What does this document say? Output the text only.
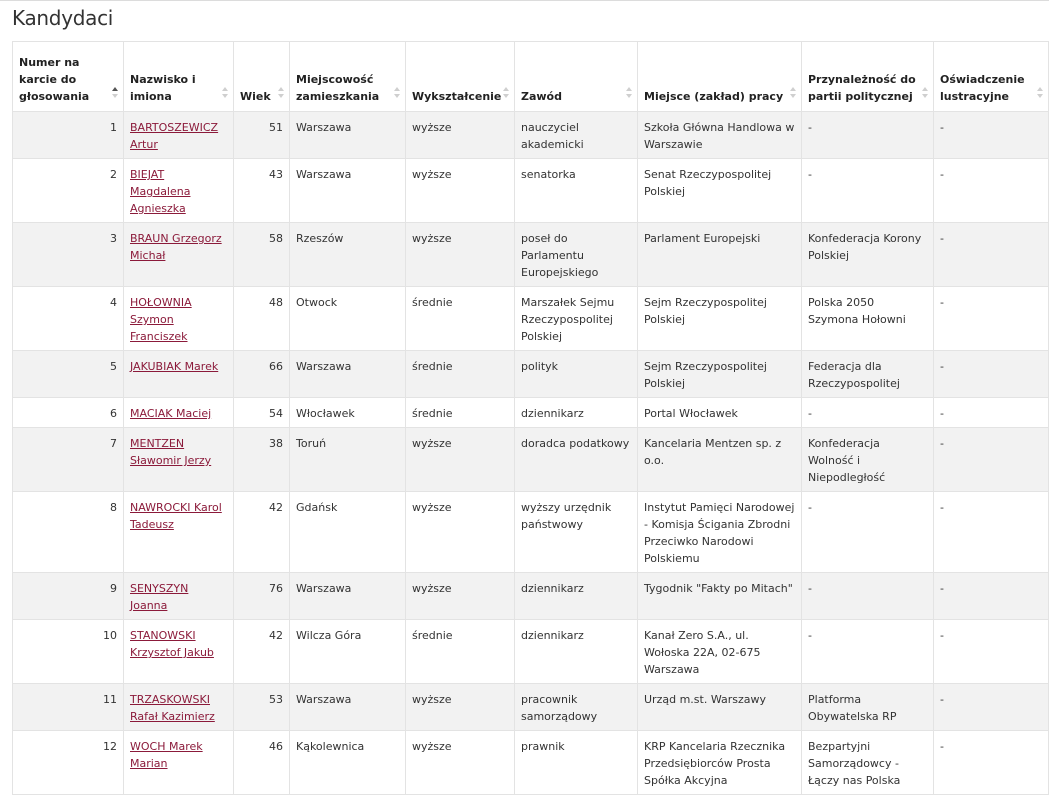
Kandydaci
Numer na karcie do głosowania	Nazwisko i imiona	Wiek	Miejscowość zamieszkania	Wykształcenie	Zawód	Miejsce (zakład) pracy	Przynależność do partii politycznej	Oświadczenie lustracyjne

1	BARTOSZEWICZ Artur	51	Warszawa	wyższe	nauczyciel akademicki	Szkoła Główna Handlowa w Warszawie	-	-
2	BIEJAT Magdalena Agnieszka	43	Warszawa	wyższe	senatorka	Senat Rzeczypospolitej Polskiej	-	-
3	BRAUN Grzegorz Michał	58	Rzeszów	wyższe	poseł do Parlamentu Europejskiego	Parlament Europejski	Konfederacja Korony Polskiej	-
4	HOŁOWNIA Szymon Franciszek	48	Otwock	średnie	Marszałek Sejmu Rzeczypospolitej Polskiej	Sejm Rzeczypospolitej Polskiej	Polska 2050 Szymona Hołowni	-
5	JAKUBIAK Marek	66	Warszawa	średnie	polityk	Sejm Rzeczypospolitej Polskiej	Federacja dla Rzeczypospolitej	-
6	MACIAK Maciej	54	Włocławek	średnie	dziennikarz	Portal Włocławek	-	-
7	MENTZEN Sławomir Jerzy	38	Toruń	wyższe	doradca podatkowy	Kancelaria Mentzen sp. z o.o.	Konfederacja Wolność i Niepodległość	-
8	NAWROCKI Karol Tadeusz	42	Gdańsk	wyższe	wyższy urzędnik państwowy	Instytut Pamięci Narodowej - Komisja Ścigania Zbrodni Przeciwko Narodowi Polskiemu	-	-
9	SENYSZYN Joanna	76	Warszawa	wyższe	dziennikarz	Tygodnik "Fakty po Mitach"	-	-
10	STANOWSKI Krzysztof Jakub	42	Wilcza Góra	średnie	dziennikarz	Kanał Zero S.A., ul. Wołoska 22A, 02-675 Warszawa	-	-
11	TRZASKOWSKI Rafał Kazimierz	53	Warszawa	wyższe	pracownik samorządowy	Urząd m.st. Warszawy	Platforma Obywatelska RP	-
12	WOCH Marek Marian	46	Kąkolewnica	wyższe	prawnik	KRP Kancelaria Rzecznika Przedsiębiorców Prosta Spółka Akcyjna	Bezpartyjni Samorządowcy - Łączy nas Polska	-
